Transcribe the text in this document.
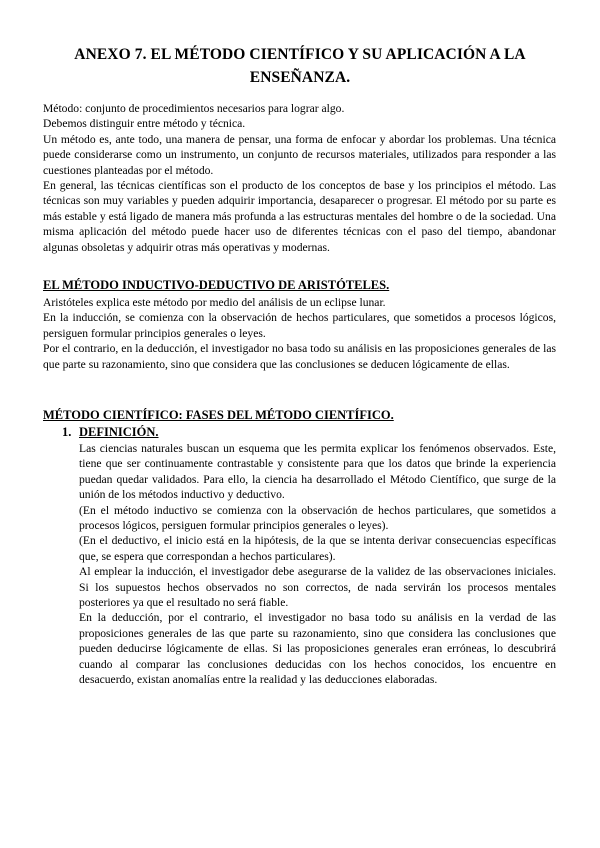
ANEXO 7. EL MÉTODO CIENTÍFICO Y SU APLICACIÓN A LA ENSEÑANZA.

Método: conjunto de procedimientos necesarios para lograr algo.

Debemos distinguir entre método y técnica.

Un método es, ante todo, una manera de pensar, una forma de enfocar y abordar los problemas. Una técnica puede considerarse como un instrumento, un conjunto de recursos materiales, utilizados para responder a las cuestiones planteadas por el método.

En general, las técnicas científicas son el producto de los conceptos de base y los principios el método. Las técnicas son muy variables y pueden adquirir importancia, desaparecer o progresar. El método por su parte es más estable y está ligado de manera más profunda a las estructuras mentales del hombre o de la sociedad. Una misma aplicación del método puede hacer uso de diferentes técnicas con el paso del tiempo, abandonar algunas obsoletas y adquirir otras más operativas y modernas.

EL MÉTODO INDUCTIVO-DEDUCTIVO DE ARISTÓTELES.

Aristóteles explica este método por medio del análisis de un eclipse lunar.

En la inducción, se comienza con la observación de hechos particulares, que sometidos a procesos lógicos, persiguen formular principios generales o leyes.

Por el contrario, en la deducción, el investigador no basa todo su análisis en las proposiciones generales de las que parte su razonamiento, sino que considera que las conclusiones se deducen lógicamente de ellas.

MÉTODO CIENTÍFICO: FASES DEL MÉTODO CIENTÍFICO.
1. DEFINICIÓN.

Las ciencias naturales buscan un esquema que les permita explicar los fenómenos observados. Este, tiene que ser continuamente contrastable y consistente para que los datos que brinde la experiencia puedan quedar validados. Para ello, la ciencia ha desarrollado el Método Científico, que surge de la unión de los métodos inductivo y deductivo.

(En el método inductivo se comienza con la observación de hechos particulares, que sometidos a procesos lógicos, persiguen formular principios generales o leyes).

(En el deductivo, el inicio está en la hipótesis, de la que se intenta derivar consecuencias específicas que, se espera que correspondan a hechos particulares).

Al emplear la inducción, el investigador debe asegurarse de la validez de las observaciones iniciales. Si los supuestos hechos observados no son correctos, de nada servirán los procesos mentales posteriores ya que el resultado no será fiable.

En la deducción, por el contrario, el investigador no basa todo su análisis en la verdad de las proposiciones generales de las que parte su razonamiento, sino que considera las conclusiones que pueden deducirse lógicamente de ellas. Si las proposiciones generales eran erróneas, lo descubrirá cuando al comparar las conclusiones deducidas con los hechos conocidos, los encuentre en desacuerdo, existan anomalías entre la realidad y las deducciones elaboradas.
